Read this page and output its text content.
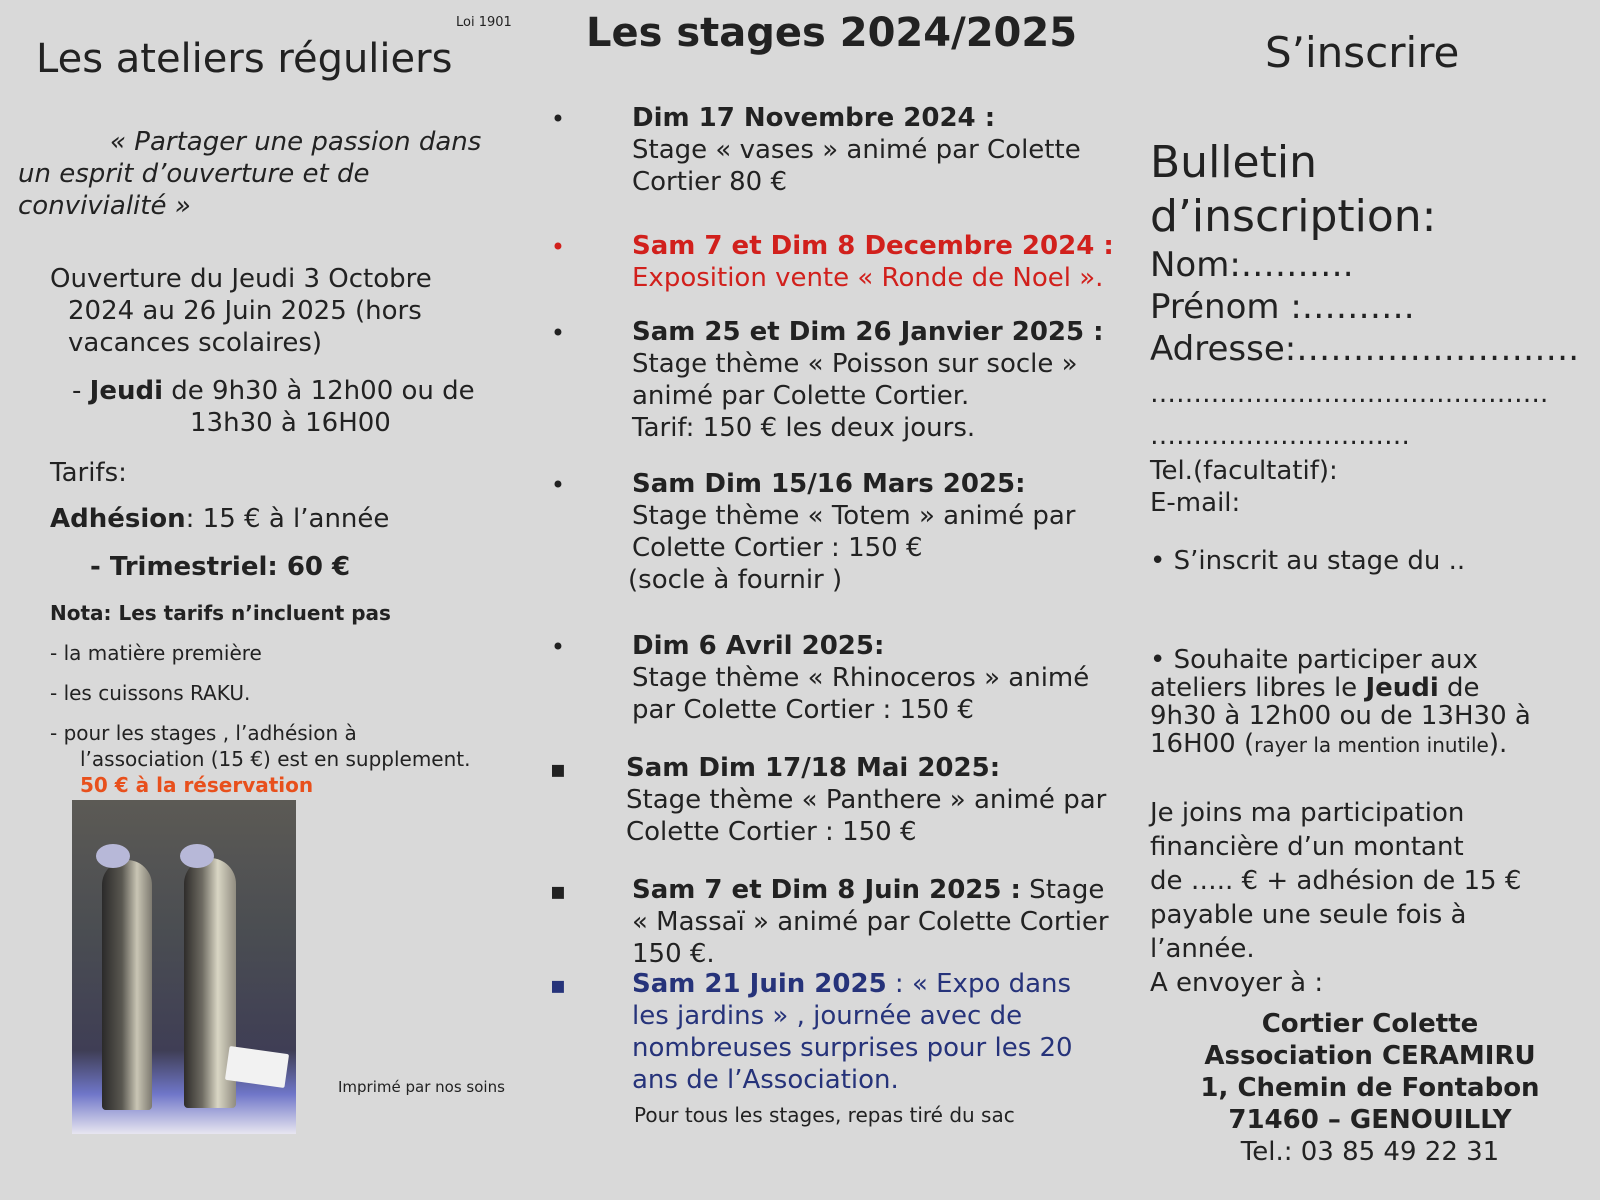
Loi 1901
Les ateliers réguliers
« Partager une passion dans un esprit d’ouverture et de convivialité »
Ouverture du Jeudi 3 Octobre
2024 au 26 Juin 2025 (hors
vacances scolaires)
- Jeudi de 9h30 à 12h00 ou de
13h30 à 16H00
Tarifs:
Adhésion: 15 € à l’année
- Trimestriel: 60 €
Nota: Les tarifs n’incluent pas
- la matière première
- les cuissons RAKU.
- pour les stages , l’adhésion à
l’association (15 €) est en supplement.
50 € à la réservation
Imprimé par nos soins
Les stages 2024/2025
•	Dim 17 Novembre 2024 :
Stage « vases » animé par Colette
Cortier 80 €
•	Sam 7 et Dim 8 Decembre 2024 :
Exposition vente « Ronde de Noel ».
•	Sam 25 et Dim 26 Janvier 2025 :
Stage thème « Poisson sur socle »
animé par Colette Cortier.
Tarif: 150 € les deux jours.
•	Sam Dim 15/16 Mars 2025:
Stage thème « Totem » animé par
Colette Cortier : 150 €
(socle à fournir )
•	Dim 6 Avril 2025:
Stage thème « Rhinoceros » animé
par Colette Cortier : 150 €
▪ Sam Dim 17/18 Mai 2025:
Stage thème « Panthere » animé par
Colette Cortier : 150 €
▪	Sam 7 et Dim 8 Juin 2025 : Stage
« Massaï » animé par Colette Cortier
150 €.
▪	Sam 21 Juin 2025 : « Expo dans
les jardins » , journée avec de
nombreuses surprises pour les 20
ans de l’Association.
Pour tous les stages, repas tiré du sac
S’inscrire
Bulletin
d’inscription:
Nom:……….
Prénom :……….
Adresse:…………………….
……………………………………….
…………………………
Tel.(facultatif):
E-mail:
• S’inscrit au stage du ..
• Souhaite participer aux
ateliers libres le Jeudi de
9h30 à 12h00 ou de 13H30 à
16H00 (rayer la mention inutile).
Je joins ma participation
financière d’un montant
de ….. € + adhésion de 15 €
payable une seule fois à
l’année.
A envoyer à :
Cortier Colette
Association CERAMIRU
1, Chemin de Fontabon
71460 – GENOUILLY
Tel.: 03 85 49 22 31
